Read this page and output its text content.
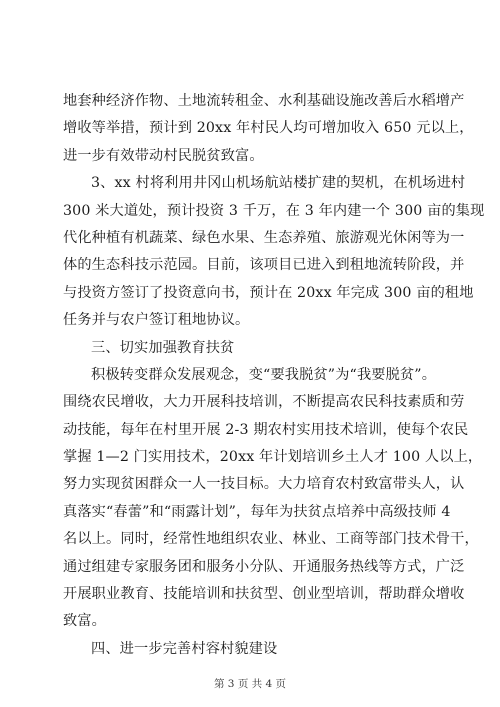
地套种经济作物、土地流转租金、水利基础设施改善后水稻增产
增收等举措，预计到 20xx 年村民人均可增加收入 650 元以上，
进一步有效带动村民脱贫致富。
3、xx 村将利用井冈山机场航站楼扩建的契机，在机场进村
300 米大道处，预计投资 3 千万，在 3 年内建一个 300 亩的集现
代化种植有机蔬菜、绿色水果、生态养殖、旅游观光休闲等为一
体的生态科技示范园。目前，该项目已进入到租地流转阶段，并
与投资方签订了投资意向书，预计在 20xx 年完成 300 亩的租地
任务并与农户签订租地协议。
三、切实加强教育扶贫
积极转变群众发展观念，变“要我脱贫”为“我要脱贫”。
围绕农民增收，大力开展科技培训，不断提高农民科技素质和劳
动技能，每年在村里开展 2-3 期农村实用技术培训，使每个农民
掌握 1—2 门实用技术，20xx 年计划培训乡土人才 100 人以上，
努力实现贫困群众一人一技目标。大力培育农村致富带头人，认
真落实“春蕾”和“雨露计划”，每年为扶贫点培养中高级技师 4
名以上。同时，经常性地组织农业、林业、工商等部门技术骨干，
通过组建专家服务团和服务小分队、开通服务热线等方式，广泛
开展职业教育、技能培训和扶贫型、创业型培训，帮助群众增收
致富。
四、进一步完善村容村貌建设
第 3 页 共 4 页
